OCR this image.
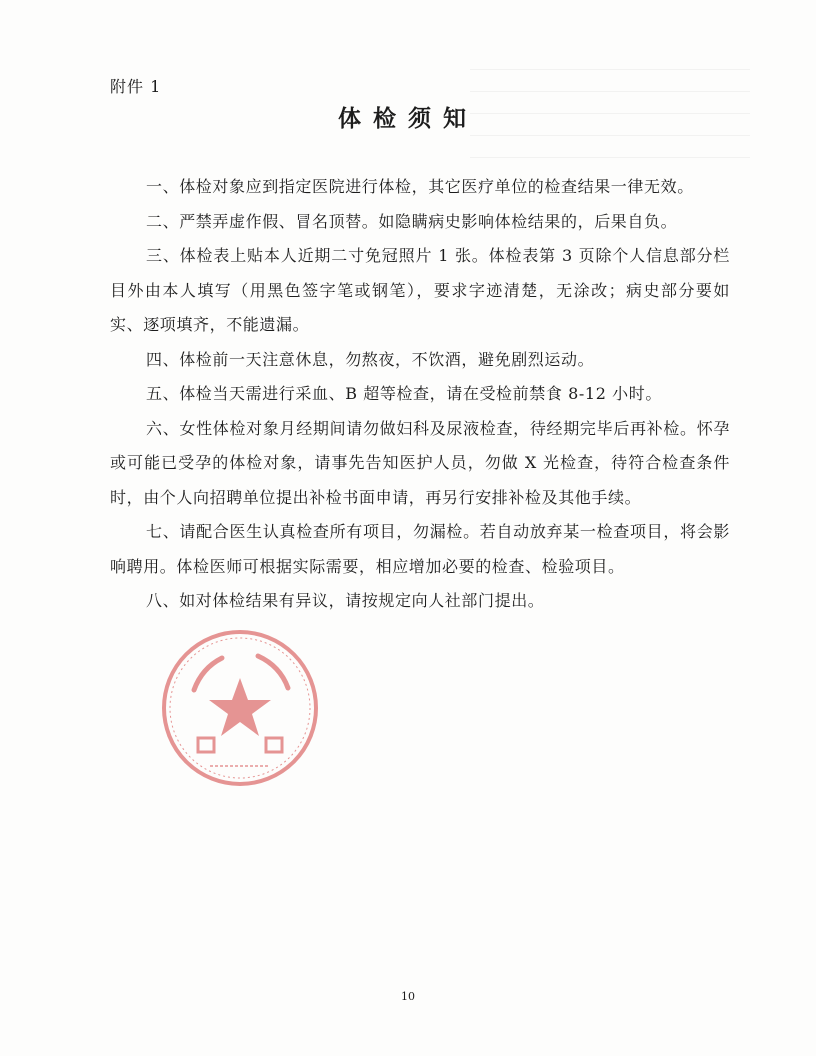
附件 1
体检须知

一、体检对象应到指定医院进行体检，其它医疗单位的检查结果一律无效。

二、严禁弄虚作假、冒名顶替。如隐瞒病史影响体检结果的，后果自负。

三、体检表上贴本人近期二寸免冠照片 1 张。体检表第 3 页除个人信息部分栏目外由本人填写（用黑色签字笔或钢笔），要求字迹清楚，无涂改；病史部分要如实、逐项填齐，不能遗漏。

四、体检前一天注意休息，勿熬夜，不饮酒，避免剧烈运动。

五、体检当天需进行采血、B 超等检查，请在受检前禁食 8-12 小时。

六、女性体检对象月经期间请勿做妇科及尿液检查，待经期完毕后再补检。怀孕或可能已受孕的体检对象，请事先告知医护人员，勿做 X 光检查，待符合检查条件时，由个人向招聘单位提出补检书面申请，再另行安排补检及其他手续。

七、请配合医生认真检查所有项目，勿漏检。若自动放弃某一检查项目，将会影响聘用。体检医师可根据实际需要，相应增加必要的检查、检验项目。

八、如对体检结果有异议，请按规定向人社部门提出。

10
